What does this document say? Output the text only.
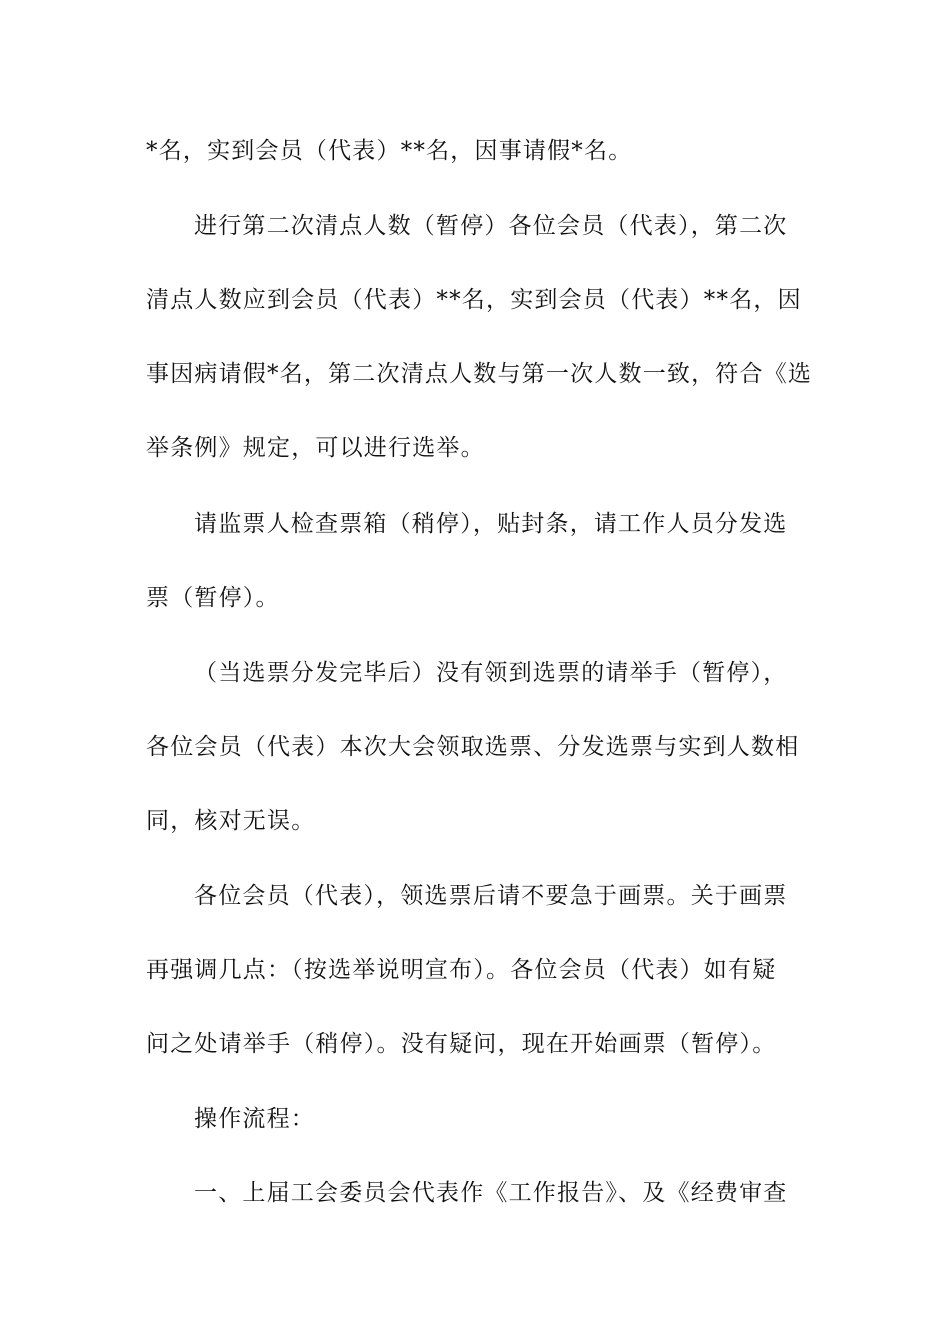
*名，实到会员（代表）**名，因事请假*名。
进行第二次清点人数（暂停）各位会员（代表），第二次
清点人数应到会员（代表）**名，实到会员（代表）**名，因
事因病请假*名，第二次清点人数与第一次人数一致，符合《选
举条例》规定，可以进行选举。
请监票人检查票箱（稍停），贴封条，请工作人员分发选
票（暂停）。
（当选票分发完毕后）没有领到选票的请举手（暂停），
各位会员（代表）本次大会领取选票、分发选票与实到人数相
同，核对无误。
各位会员（代表），领选票后请不要急于画票。关于画票
再强调几点：（按选举说明宣布）。各位会员（代表）如有疑
问之处请举手（稍停）。没有疑问，现在开始画票（暂停）。
操作流程：
一、上届工会委员会代表作《工作报告》、及《经费审查
